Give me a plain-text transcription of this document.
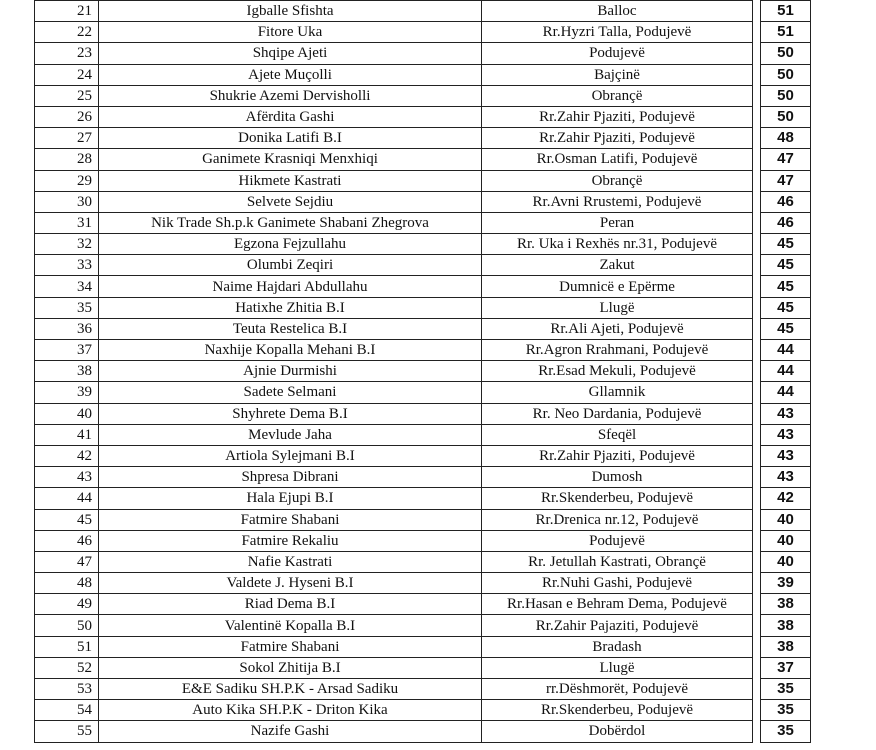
21	Igballe Sfishta	Balloc		51
22	Fitore Uka	Rr.Hyzri Talla, Podujevë		51
23	Shqipe Ajeti	Podujevë		50
24	Ajete Muçolli	Bajçinë		50
25	Shukrie Azemi Dervisholli	Obrançë		50
26	Afërdita Gashi	Rr.Zahir Pjaziti, Podujevë		50
27	Donika Latifi B.I	Rr.Zahir Pjaziti, Podujevë		48
28	Ganimete Krasniqi Menxhiqi	Rr.Osman Latifi, Podujevë		47
29	Hikmete Kastrati	Obrançë		47
30	Selvete Sejdiu	Rr.Avni Rrustemi, Podujevë		46
31	Nik Trade Sh.p.k Ganimete Shabani Zhegrova	Peran		46
32	Egzona Fejzullahu	Rr. Uka i Rexhës nr.31, Podujevë		45
33	Olumbi Zeqiri	Zakut		45
34	Naime Hajdari Abdullahu	Dumnicë e Epërme		45
35	Hatixhe Zhitia B.I	Llugë		45
36	Teuta Restelica B.I	Rr.Ali Ajeti, Podujevë		45
37	Naxhije Kopalla Mehani B.I	Rr.Agron Rrahmani, Podujevë		44
38	Ajnie Durmishi	Rr.Esad Mekuli, Podujevë		44
39	Sadete Selmani	Gllamnik		44
40	Shyhrete Dema B.I	Rr. Neo Dardania, Podujevë		43
41	Mevlude Jaha	Sfeqël		43
42	Artiola Sylejmani B.I	Rr.Zahir Pjaziti, Podujevë		43
43	Shpresa Dibrani	Dumosh		43
44	Hala Ejupi B.I	Rr.Skenderbeu, Podujevë		42
45	Fatmire Shabani	Rr.Drenica nr.12, Podujevë		40
46	Fatmire Rekaliu	Podujevë		40
47	Nafie Kastrati	Rr. Jetullah Kastrati, Obrançë		40
48	Valdete J. Hyseni B.I	Rr.Nuhi Gashi, Podujevë		39
49	Riad Dema B.I	Rr.Hasan e Behram Dema, Podujevë		38
50	Valentinë Kopalla B.I	Rr.Zahir Pajaziti, Podujevë		38
51	Fatmire Shabani	Bradash		38
52	Sokol Zhitija B.I	Llugë		37
53	E&E Sadiku SH.P.K - Arsad Sadiku	rr.Dëshmorët, Podujevë		35
54	Auto Kika SH.P.K - Driton Kika	Rr.Skenderbeu, Podujevë		35
55	Nazife Gashi	Dobërdol		35
